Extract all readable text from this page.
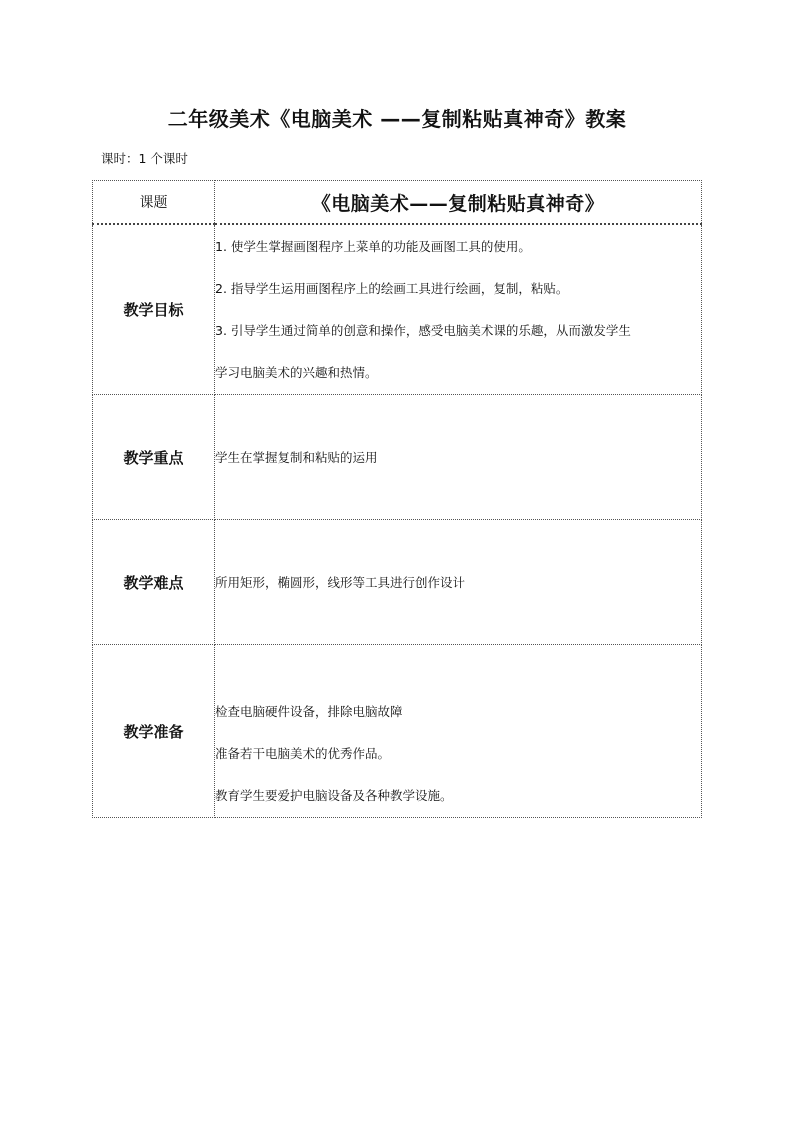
二年级美术《电脑美术 ——复制粘贴真神奇》教案
课时：1 个课时
课题	《电脑美术——复制粘贴真神奇》
教学目标	1. 使学生掌握画图程序上菜单的功能及画图工具的使用。
2. 指导学生运用画图程序上的绘画工具进行绘画，复制，粘贴。
3. 引导学生通过简单的创意和操作，感受电脑美术课的乐趣，从而激发学生
学习电脑美术的兴趣和热情。

教学重点	学生在掌握复制和粘贴的运用

教学难点	所用矩形，椭圆形，线形等工具进行创作设计

教学准备	检查电脑硬件设备，排除电脑故障
准备若干电脑美术的优秀作品。
教育学生要爱护电脑设备及各种教学设施。
